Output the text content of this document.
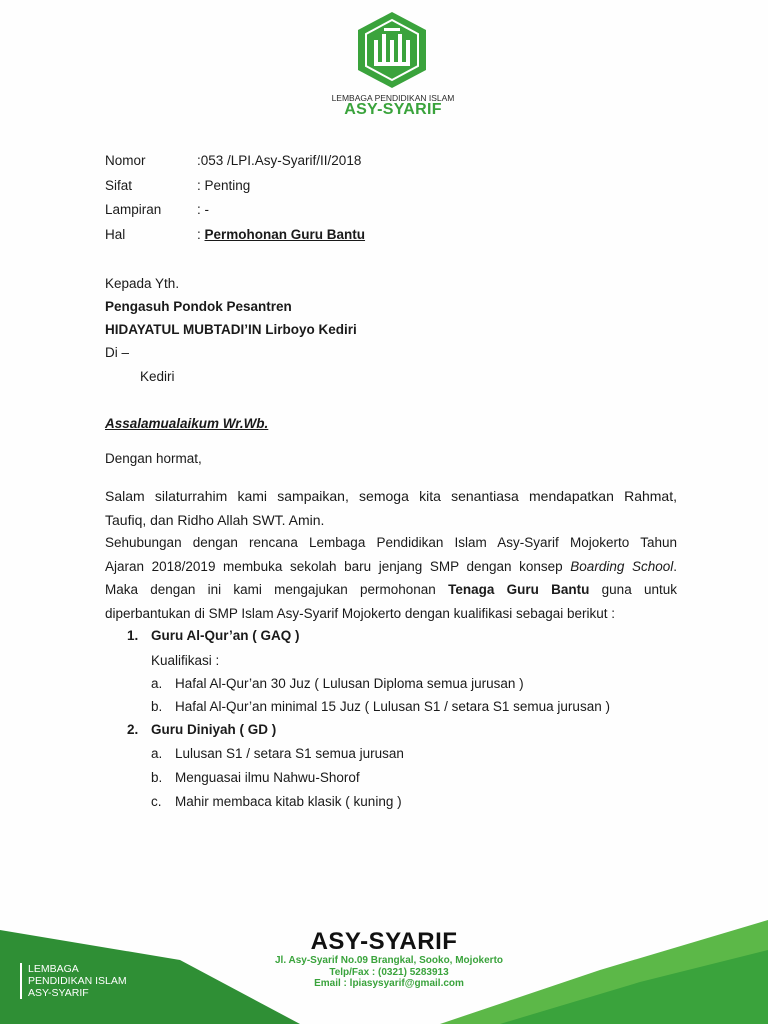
LEMBAGA PENDIDIKAN ISLAM
ASY-SYARIF
Nomor	:053 /LPI.Asy-Syarif/II/2018
Sifat	: Penting
Lampiran	: -
Hal	: Permohonan Guru Bantu
Kepada Yth.
Pengasuh Pondok Pesantren
HIDAYATUL MUBTADI’IN Lirboyo Kediri
Di –
Kediri
Assalamualaikum Wr.Wb.
Dengan hormat,
Salam silaturrahim kami sampaikan, semoga kita senantiasa mendapatkan Rahmat,
Taufiq, dan Ridho Allah SWT. Amin.
Sehubungan dengan rencana Lembaga Pendidikan Islam Asy-Syarif Mojokerto Tahun
Ajaran 2018/2019 membuka sekolah baru jenjang SMP dengan konsep Boarding School.
Maka dengan ini kami mengajukan permohonan Tenaga Guru Bantu guna untuk
diperbantukan di SMP Islam Asy-Syarif Mojokerto dengan kualifikasi sebagai berikut :
1. Guru Al-Qur’an ( GAQ )
Kualifikasi :
a. Hafal Al-Qur’an 30 Juz ( Lulusan Diploma semua jurusan )
b. Hafal Al-Qur’an minimal 15 Juz ( Lulusan S1 / setara S1 semua jurusan )
2. Guru Diniyah ( GD )
a. Lulusan S1 / setara S1 semua jurusan
b. Menguasai ilmu Nahwu-Shorof
c. Mahir membaca kitab klasik ( kuning )
LEMBAGA
PENDIDIKAN ISLAM
ASY-SYARIF
ASY-SYARIF
Jl. Asy-Syarif No.09 Brangkal, Sooko, Mojokerto
Telp/Fax : (0321) 5283913
Email : lpiasysyarif@gmail.com
